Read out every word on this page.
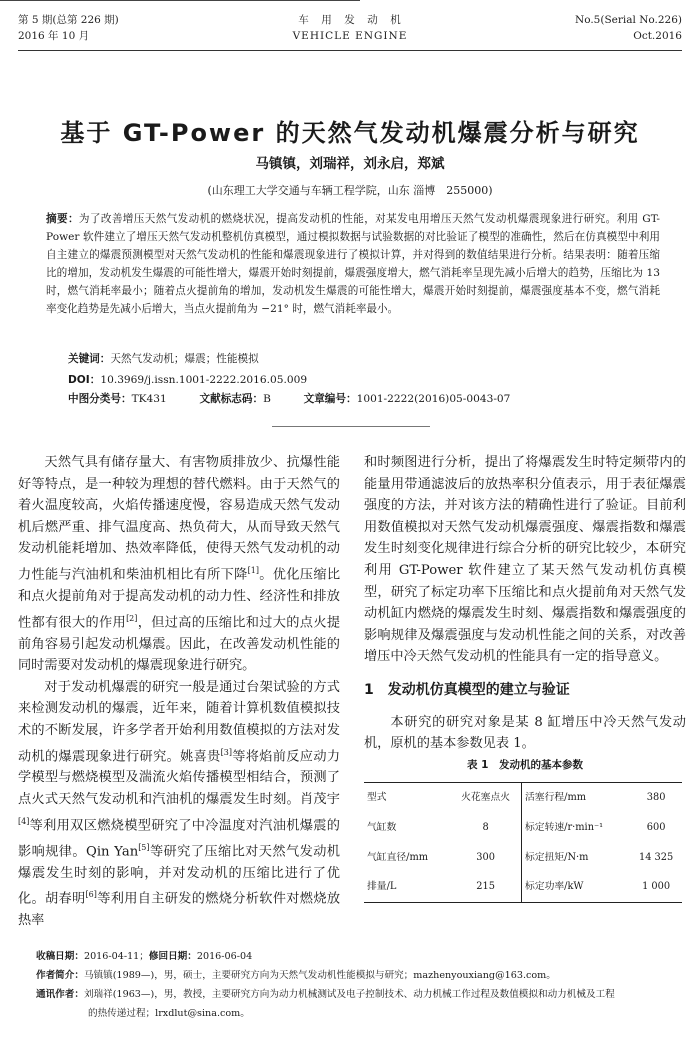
第 5 期(总第 226 期)
2016 年 10 月
车　用　发　动　机
VEHICLE ENGINE
No.5(Serial No.226)
Oct.2016
基于 GT-Power 的天然气发动机爆震分析与研究
马镇镇，刘瑞祥，刘永启，郑斌
(山东理工大学交通与车辆工程学院，山东 淄博　255000)
摘要：为了改善增压天然气发动机的燃烧状况，提高发动机的性能，对某发电用增压天然气发动机爆震现象进行研究。利用 GT-Power 软件建立了增压天然气发动机整机仿真模型，通过模拟数据与试验数据的对比验证了模型的准确性，然后在仿真模型中利用自主建立的爆震预测模型对天然气发动机的性能和爆震现象进行了模拟计算，并对得到的数值结果进行分析。结果表明：随着压缩比的增加，发动机发生爆震的可能性增大，爆震开始时刻提前，爆震强度增大，燃气消耗率呈现先减小后增大的趋势，压缩比为 13 时，燃气消耗率最小；随着点火提前角的增加，发动机发生爆震的可能性增大，爆震开始时刻提前，爆震强度基本不变，燃气消耗率变化趋势是先减小后增大，当点火提前角为 −21° 时，燃气消耗率最小。
关键词：天然气发动机；爆震；性能模拟
DOI：10.3969/j.issn.1001-2222.2016.05.009
中图分类号：TK431	文献标志码：B	文章编号：1001-2222(2016)05-0043-07

天然气具有储存量大、有害物质排放少、抗爆性能好等特点，是一种较为理想的替代燃料。由于天然气的着火温度较高，火焰传播速度慢，容易造成天然气发动机后燃严重、排气温度高、热负荷大，从而导致天然气发动机能耗增加、热效率降低，使得天然气发动机的动力性能与汽油机和柴油机相比有所下降[1]。优化压缩比和点火提前角对于提高发动机的动力性、经济性和排放性都有很大的作用[2]，但过高的压缩比和过大的点火提前角容易引起发动机爆震。因此，在改善发动机性能的同时需要对发动机的爆震现象进行研究。

对于发动机爆震的研究一般是通过台架试验的方式来检测发动机的爆震，近年来，随着计算机数值模拟技术的不断发展，许多学者开始利用数值模拟的方法对发动机的爆震现象进行研究。姚喜贵[3]等将焰前反应动力学模型与燃烧模型及湍流火焰传播模型相结合，预测了点火式天然气发动机和汽油机的爆震发生时刻。肖茂宇[4]等利用双区燃烧模型研究了中冷温度对汽油机爆震的影响规律。Qin Yan[5]等研究了压缩比对天然气发动机爆震发生时刻的影响，并对发动机的压缩比进行了优化。胡春明[6]等利用自主研发的燃烧分析软件对燃烧放热率

和时频图进行分析，提出了将爆震发生时特定频带内的能量用带通滤波后的放热率积分值表示，用于表征爆震强度的方法，并对该方法的精确性进行了验证。目前利用数值模拟对天然气发动机爆震强度、爆震指数和爆震发生时刻变化规律进行综合分析的研究比较少，本研究利用 GT-Power 软件建立了某天然气发动机仿真模型，研究了标定功率下压缩比和点火提前角对天然气发动机缸内燃烧的爆震发生时刻、爆震指数和爆震强度的影响规律及爆震强度与发动机性能之间的关系，对改善增压中冷天然气发动机的性能具有一定的指导意义。

1　发动机仿真模型的建立与验证

本研究的研究对象是某 8 缸增压中冷天然气发动机，原机的基本参数见表 1。

表 1　发动机的基本参数
型式	火花塞点火	活塞行程/mm	380
气缸数	8	标定转速/r·min⁻¹	600
气缸直径/mm	300	标定扭矩/N·m	14 325
排量/L	215	标定功率/kW	1 000
收稿日期：2016-04-11；修回日期：2016-06-04
作者简介：马镇镇(1989—)，男，硕士，主要研究方向为天然气发动机性能模拟与研究；mazhenyouxiang@163.com。
通讯作者：刘瑞祥(1963—)，男，教授，主要研究方向为动力机械测试及电子控制技术、动力机械工作过程及数值模拟和动力机械及工程
的热传递过程；lrxdlut@sina.com。
